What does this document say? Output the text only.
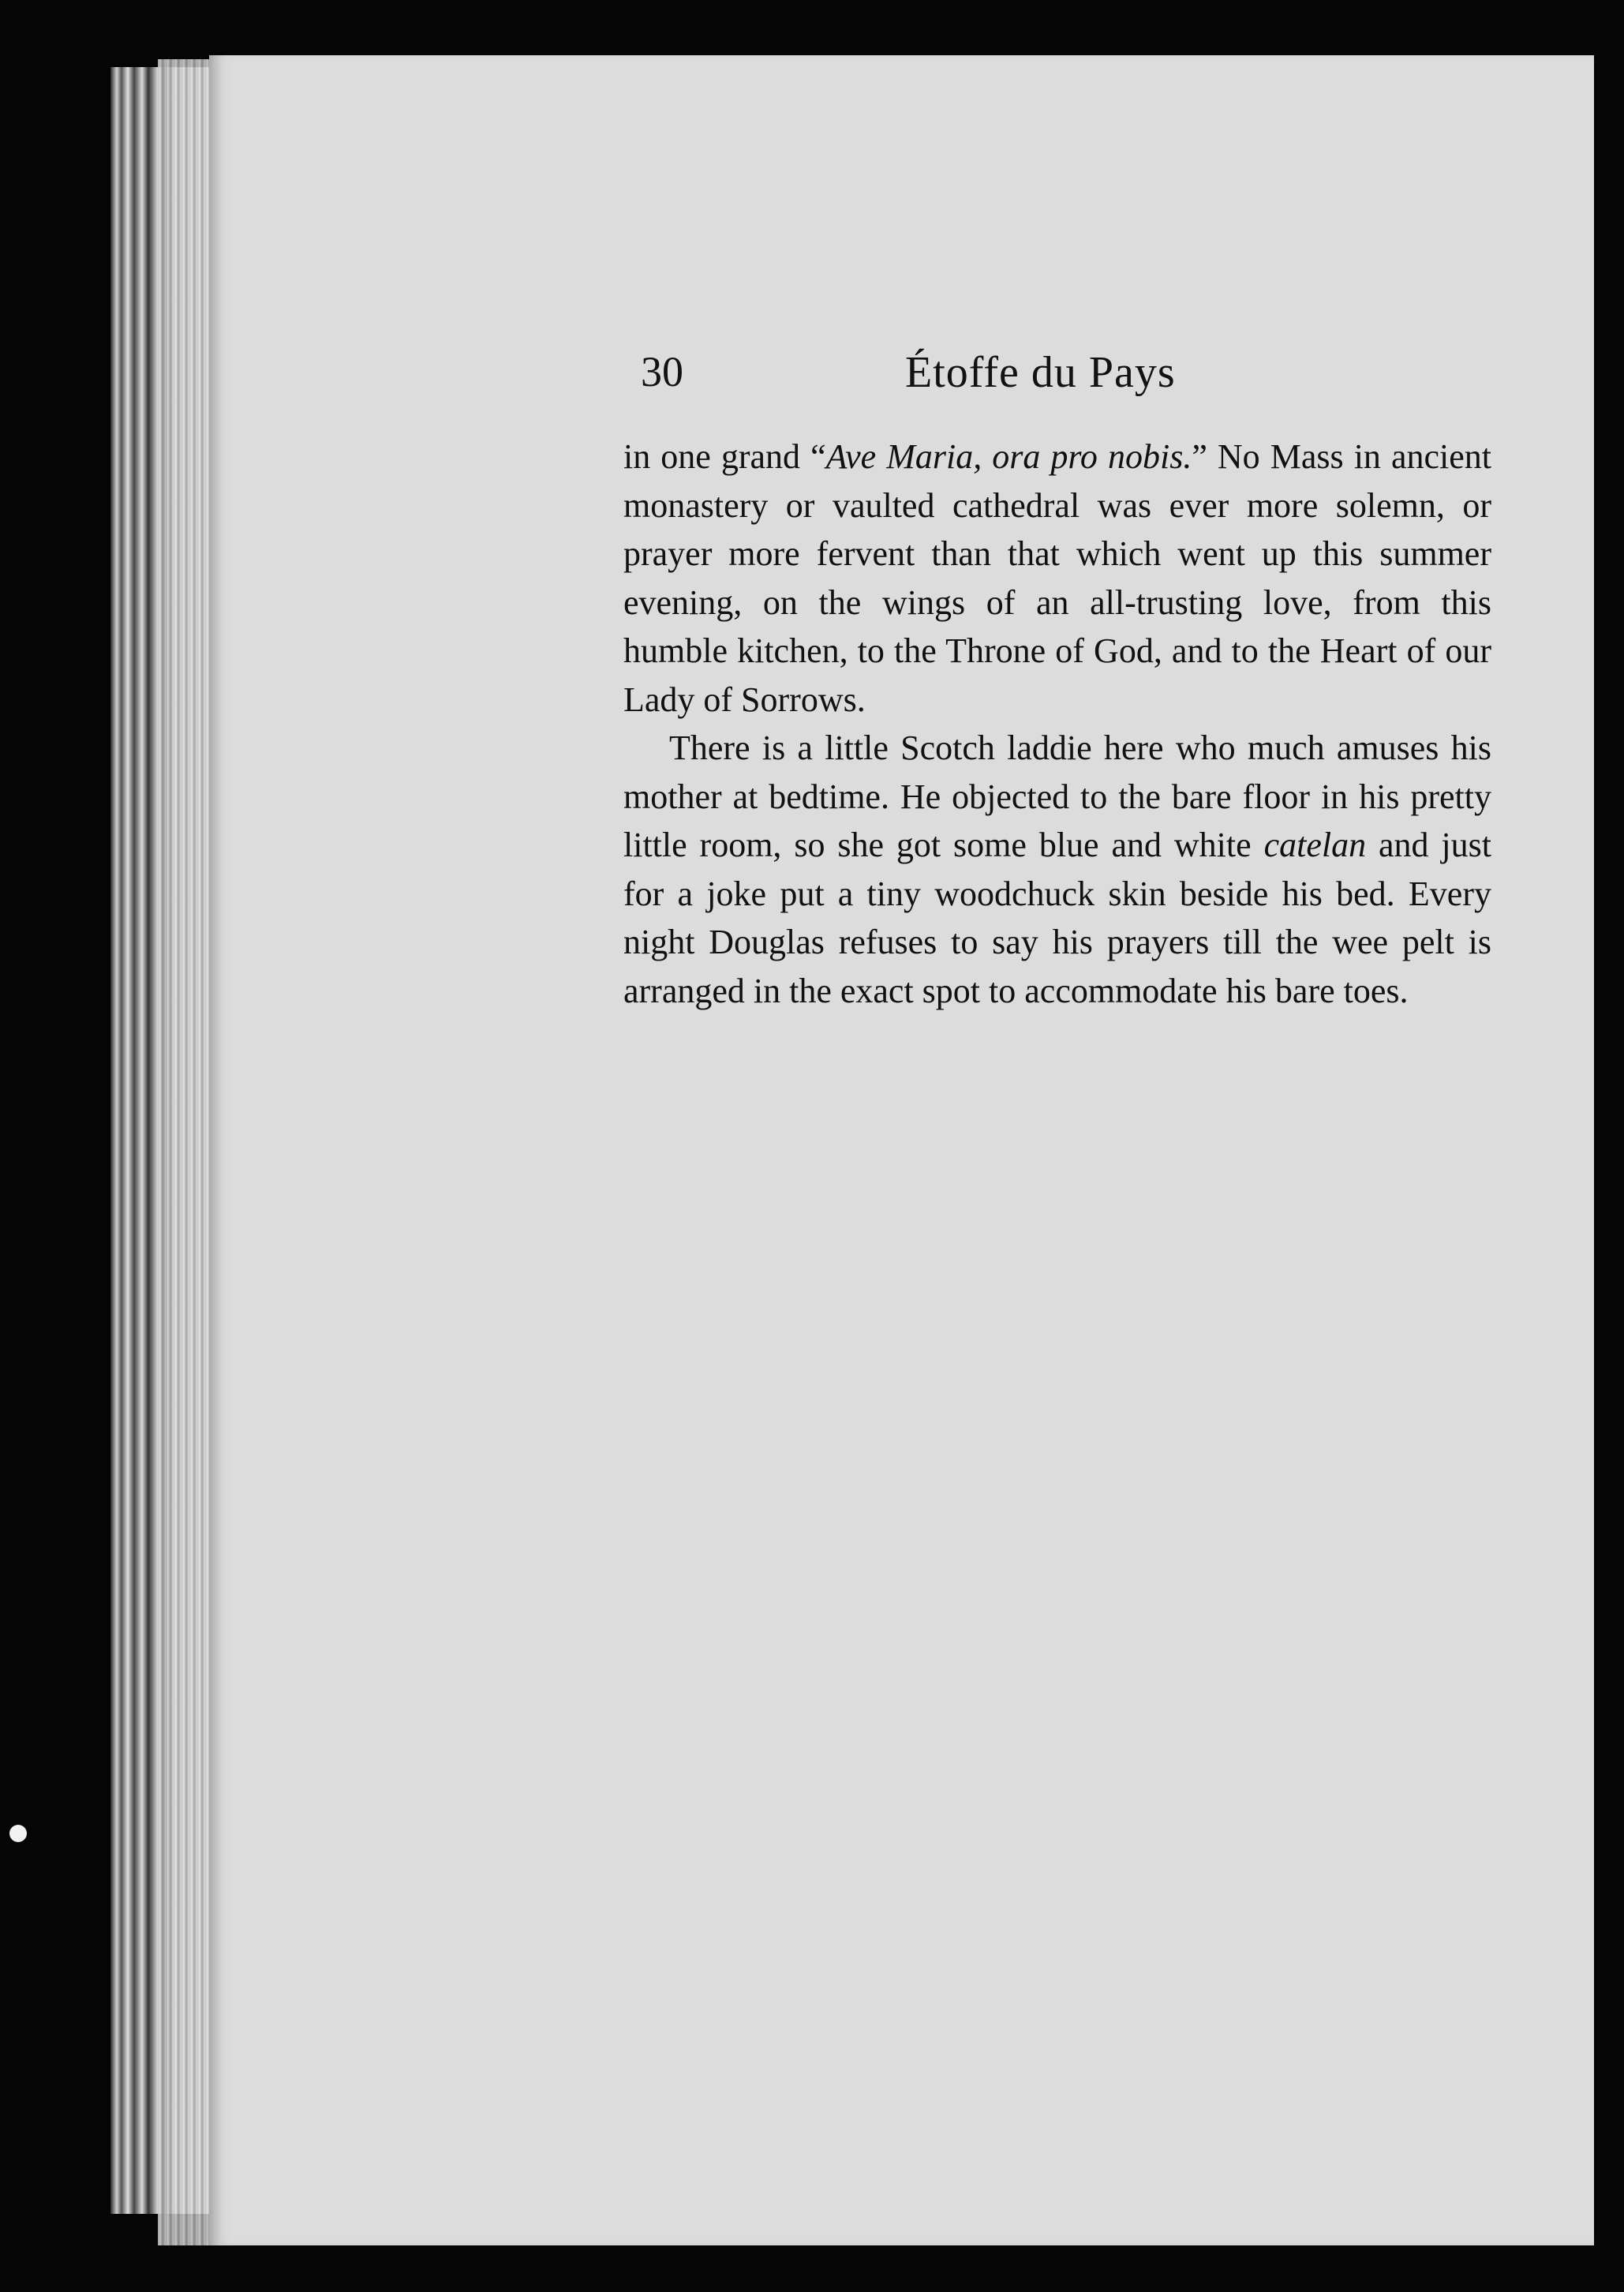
30	Étoffe du Pays

in one grand “Ave Maria, ora pro nobis.” No Mass in ancient monastery or vaulted cathedral was ever more solemn, or prayer more fervent than that which went up this summer evening, on the wings of an all-trusting love, from this humble kitchen, to the Throne of God, and to the Heart of our Lady of Sorrows.

There is a little Scotch laddie here who much amuses his mother at bedtime. He objected to the bare floor in his pretty little room, so she got some blue and white catelan and just for a joke put a tiny woodchuck skin beside his bed. Every night Douglas refuses to say his prayers till the wee pelt is arranged in the exact spot to accommodate his bare toes.
